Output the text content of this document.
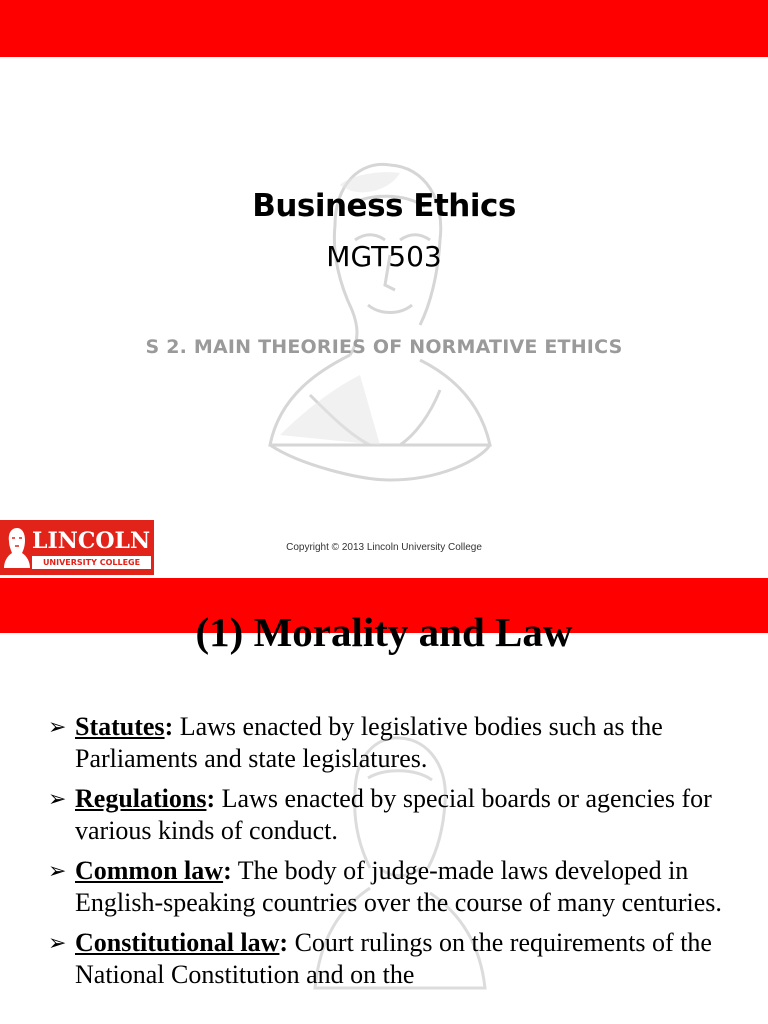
Business Ethics
MGT503
S 2. MAIN THEORIES OF NORMATIVE ETHICS
LINCOLN
UNIVERSITY COLLEGE
Copyright © 2013 Lincoln University College
(1) Morality and Law
➢ Statutes: Laws enacted by legislative bodies such as the Parliaments and state legislatures.
➢ Regulations: Laws enacted by special boards or agencies for various kinds of conduct.
➢ Common law: The body of judge-made laws developed in English-speaking countries over the course of many centuries.
➢ Constitutional law: Court rulings on the requirements of the National Constitution and on the
